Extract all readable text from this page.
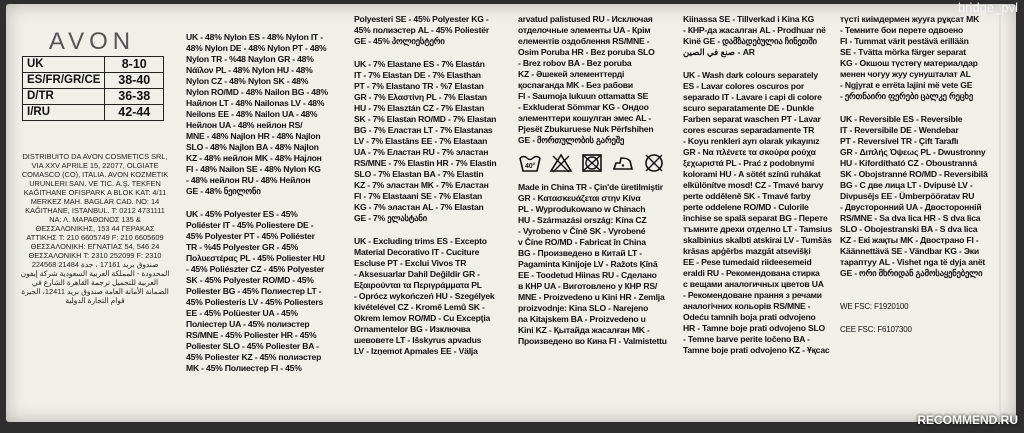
AVON
UK	8-10
ES/FR/GR/CE	38-40
D/TR	36-38
I/RU	42-44
DISTRIBUITO DA AVON COSMETICS SRL, VIA XXV APRILE 15, 22077, OLGIATE COMASCO (CO), ITALIA. AVON KOZMETIK URUNLERI SAN. VE TIC. A.Ş. TEKFEN KAĞITHANE OFISPARK A BLOK KAT: 4/11 MERKEZ MAH. BAGLAR CAD. NO: 14 KAĞITHANE, ISTANBUL. T: 0212 4731111 ΝΑ: Λ. ΜΑΡΑΘΩΝΟΣ 135 & ΘΕΣΣΑΛΟΝΙΚΗΣ, 153 44 ΓΕΡΑΚΑΣ ΑΤΤΙΚΗΣ T: 210 6605749 F: 210 6605609 ΘΕΣΣΑΛΟΝΙΚΗ: ΕΓΝΑΤΙΑΣ 54, 546 24 ΘΕΣΣΑΛΟΝΙΚΗ T: 2310 252099 F: 2310 224568 صندوق بريد 17161 ، جدة 21484 المحدودة - المملكة العربية السعودية شركة إيفون العربية للتجميل ترجمة القاهرة الشارع في الضمانة الأمانة العامة صندوق بريد 12411، الجيزة قوام التجارة الدولية
UK - 48% Nylon ES - 48% Nylon IT -
48% Nylon DE - 48% Nylon PT - 48%
Nylon TR - %48 Naylon GR - 48%
Νάϊλον PL - 48% Nylon HU - 48%
Nylon CZ - 48% Nylon SK - 48%
Nylon RO/MD - 48% Nailon BG - 48%
Найлон LT - 48% Nailonas LV - 48%
Neilons EE - 48% Nailon UA - 48%
Нейлон UA - 48% нейлон RS/
MNE - 48% Najlon HR - 48% Najlon
SLO - 48% Najlon BA - 48% Najlon
KZ - 48% нейлон MK - 48% Најлон
FI - 48% Nailon SE - 48% Nylon KG
- 48% нейлон RU - 48% Нейлон
GE - 48% ნეილონი
UK - 45% Polyester ES - 45%
Poliéster IT - 45% Poliestere DE -
45% Polyester PT - 45% Poliéster
TR - %45 Polyester GR - 45%
Πολυεστέρας PL - 45% Poliester HU
- 45% Poliészter CZ - 45% Polyester
SK - 45% Polyester RO/MD - 45%
Poliester BG - 45% Полиестер LT -
45% Poliesteris LV - 45% Poliesters
EE - 45% Polüester UA - 45%
Поліестер UA - 45% полиэстер
RS/MNE - 45% Poliester HR - 45%
Poliester SLO - 45% Poliester BA -
45% Poliester KZ - 45% полиэстер
MK - 45% Полиестер FI - 45%
Polyesteri SE - 45% Polyester KG -
45% полиэстер AL - 45% Poliestër
GE - 45% პოლიესტერი
UK - 7% Elastane ES - 7% Elastán
IT - 7% Elastan DE - 7% Elasthan
PT - 7% Elastano TR - %7 Elastan
GR - 7% Ελαστίνη PL - 7% Elastan
HU - 7% Elasztán CZ - 7% Elastan
SK - 7% Elastan RO/MD - 7% Elastan
BG - 7% Еластан LT - 7% Elastanas
LV - 7% Elastāns EE - 7% Elastaan
UA - 7% Еластан RU - 7% эластан
RS/MNE - 7% Elastin HR - 7% Elastin
SLO - 7% Elastan BA - 7% Elastin
KZ - 7% эластан MK - 7% Еластан
FI - 7% Elastaani SE - 7% Elastan
KG - 7% эластан AL - 7% Elastan
GE - 7% ელასტანი
UK - Excluding trims ES - Excepto
Material Decorativo IT - Cuciture
Escluse PT - Exclui Vivos TR
- Aksesuarlar Dahil Değildir GR -
Εξαιρούνται τα Περιγράμματα PL
- Oprócz wykończeń HU - Szegélyek
kivételével CZ - Kromě Lemů SK -
Okrem lemov RO/MD - Cu Excepţia
Ornamentelor BG - Изключва
шевовете LT - Išskyrus apvadus
LV - Izņemot Apmales EE - Välja
arvatud palistused RU - Исключая
отделочные элементы UA - Крім
елементів оздоблення RS/MNE -
Osim Poruba HR - Bez poruba SLO
- Brez robov BA - Bez poruba
KZ - Әшекей элементтерді
қоспағанда MK - Без рабови
FI - Saumoja lukuun ottamatta SE
- Exkluderat Sömmar KG - Ондоо
элементтери кошулган эмес AL -
Pjesët Zbukuruese Nuk Përfshihen
GE - მორთულობის გარეშე
40°
Made in China TR - Çin'de üretilmiştir
GR - Κατασκευάζεται στην Κίνα
PL - Wyprodukowano w Chinach
HU - Származási ország: Kína CZ
- Vyrobeno v Číně SK - Vyrobené
v Číne RO/MD - Fabricat în China
BG - Произведено в Китай LT -
Pagaminta Kinijoje LV - Ražots Ķīnā
EE - Toodetud Hiinas RU - Сделано
в КНР UA - Виготовлено у КНР RS/
MNE - Proizvedeno u Kini HR - Zemlja
proizvodnje: Kina SLO - Narejeno
na Kitajskem BA - Proizvedeno u
Kini KZ - Қытайда жасалған MK -
Произведено во Кина FI - Valmistettu
Kiinassa SE - Tillverkad i Kina KG
- КНР-да жасалган AL - Prodhuar në
Kinë GE - დამზადებულია ჩინეთში
صنع في الصين - AR
UK - Wash dark colours separately
ES - Lavar colores oscuros por
separado IT - Lavare i capi di colore
scuro separatamente DE - Dunkle
Farben separat waschen PT - Lavar
cores escuras separadamente TR
- Koyu renkleri ayrı olarak yıkayınız
GR - Να πλένετε τα σκούρα ρούχα
ξεχωριστά PL - Prać z podobnymi
kolorami HU - A sötét színű ruhákat
elkülönítve mosd! CZ - Tmavé barvy
perte odděleně SK - Tmavé farby
perte oddelene RO/MD - Culorile
închise se spală separat BG - Перете
тъмните дрехи отделно LT - Tamsius
skalbinius skalbti atskirai LV - Tumšās
krāsas apģērbs mazgāt atsevišķi
EE - Pese tumedaid riideesemeid
eraldi RU - Рекомендована стирка
с вещами аналогичных цветов UA
- Рекомендоване прання з речами
аналогічних кольорів RS/MNE -
Odeću tamnih boja prati odvojeno
HR - Tamne boje prati odvojeno SLO
- Temne barve perite ločeno BA -
Tamne boje prati odvojeno KZ - Ұқсас
түсті киімдермен жууға рұқсат MK
- Темните бои перете одвоено
FI - Tummat värit pestävä erillään
SE - Tvätta mörka färger separat
KG - Окшош түстөгү материалдар
менен чогуу жуу сунушталат AL
- Ngjyrat e errëta lajini më vete GE
- ერთნაირი ფერები ცალკე რეცხე
UK - Reversible ES - Reversible
IT - Reversibile DE - Wendebar
PT - Reversível TR - Çift Taraflı
GR - Διπλής Όψεως PL - Dwustronny
HU - Kifordítható CZ - Oboustranná
SK - Obojstranné RO/MD - Reversibilă
BG - С две лица LT - Dvipusė LV -
Divpusējs EE - Ümberpööratav RU
- Двусторонний UA - Двосторонній
RS/MNE - Sa dva lica HR - S dva lica
SLO - Obojestranski BA - S dva lica
KZ - Екі жақты MK - Двострано FI -
Käännettävä SE - Vändbar KG - Эки
тараптуу AL - Vishet nga të dyja anët
GE - ორი მხრიდან გამოსაყენებელი
WE FSC: F1920100
CEE FSC: F6107300
bridge_pvl
RECOMMEND.RU
